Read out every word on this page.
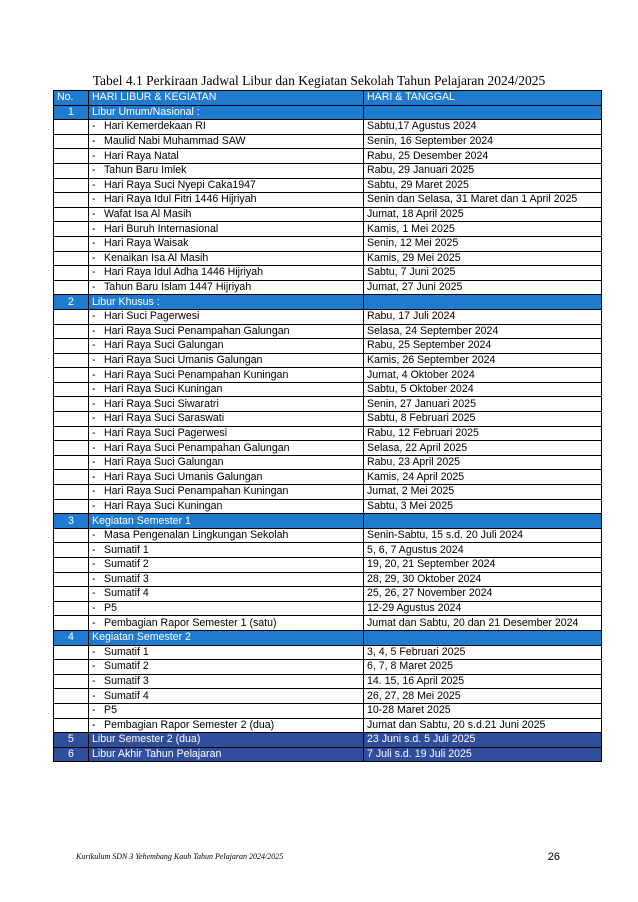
Tabel 4.1 Perkiraan Jadwal Libur dan Kegiatan Sekolah Tahun Pelajaran 2024/2025
No.	HARI LIBUR & KEGIATAN	HARI & TANGGAL
1	Libur Umum/Nasional :	
	- Hari Kemerdekaan RI	Sabtu,17 Agustus 2024
	- Maulid Nabi Muhammad SAW	Senin, 16 September 2024
	- Hari Raya Natal	Rabu, 25 Desember 2024
	- Tahun Baru Imlek	Rabu, 29 Januari 2025
	- Hari Raya Suci Nyepi Caka1947	Sabtu, 29 Maret 2025
	- Hari Raya Idul Fitri 1446 Hijriyah	Senin dan Selasa, 31 Maret dan 1 April 2025
	- Wafat Isa Al Masih	Jumat, 18 April 2025
	- Hari Buruh Internasional	Kamis, 1 Mei 2025
	- Hari Raya Waisak	Senin, 12 Mei 2025
	- Kenaikan Isa Al Masih	Kamis, 29 Mei 2025
	- Hari Raya Idul Adha 1446 Hijriyah	Sabtu, 7 Juni 2025
	- Tahun Baru Islam 1447 Hijriyah	Jumat, 27 Juni 2025
2	Libur Khusus :	
	- Hari Suci Pagerwesi	Rabu, 17 Juli 2024
	- Hari Raya Suci Penampahan Galungan	Selasa, 24 September 2024
	- Hari Raya Suci Galungan	Rabu, 25 September 2024
	- Hari Raya Suci Umanis Galungan	Kamis, 26 September 2024
	- Hari Raya Suci Penampahan Kuningan	Jumat, 4 Oktober 2024
	- Hari Raya Suci Kuningan	Sabtu, 5 Oktober 2024
	- Hari Raya Suci Siwaratri	Senin, 27 Januari 2025
	- Hari Raya Suci Saraswati	Sabtu, 8 Februari 2025
	- Hari Raya Suci Pagerwesi	Rabu, 12 Februari 2025
	- Hari Raya Suci Penampahan Galungan	Selasa, 22 April 2025
	- Hari Raya Suci Galungan	Rabu, 23 April 2025
	- Hari Raya Suci Umanis Galungan	Kamis, 24 April 2025
	- Hari Raya Suci Penampahan Kuningan	Jumat, 2 Mei 2025
	- Hari Raya Suci Kuningan	Sabtu, 3 Mei 2025
3	Kegiatan Semester 1	
	- Masa Pengenalan Lingkungan Sekolah	Senin-Sabtu, 15 s.d. 20 Juli 2024
	- Sumatif 1	5, 6, 7 Agustus 2024
	- Sumatif 2	19, 20, 21 September 2024
	- Sumatif 3	28, 29, 30 Oktober 2024
	- Sumatif 4	25, 26, 27 November 2024
	- P5	12-29 Agustus 2024
	- Pembagian Rapor Semester 1 (satu)	Jumat dan Sabtu, 20 dan 21 Desember 2024
4	Kegiatan Semester 2	
	- Sumatif 1	3, 4, 5 Februari 2025
	- Sumatif 2	6, 7, 8 Maret 2025
	- Sumatif 3	14. 15, 16 April 2025
	- Sumatif 4	26, 27, 28 Mei 2025
	- P5	10-28 Maret 2025
	- Pembagian Rapor Semester 2 (dua)	Jumat dan Sabtu, 20 s.d.21 Juni 2025
5	Libur Semester 2 (dua)	23 Juni s.d. 5 Juli 2025
6	Libur Akhir Tahun Pelajaran	7 Juli s.d. 19 Juli 2025
Kurikulum SDN 3 Yehembang Kauh Tahun Pelajaran 2024/2025	26
